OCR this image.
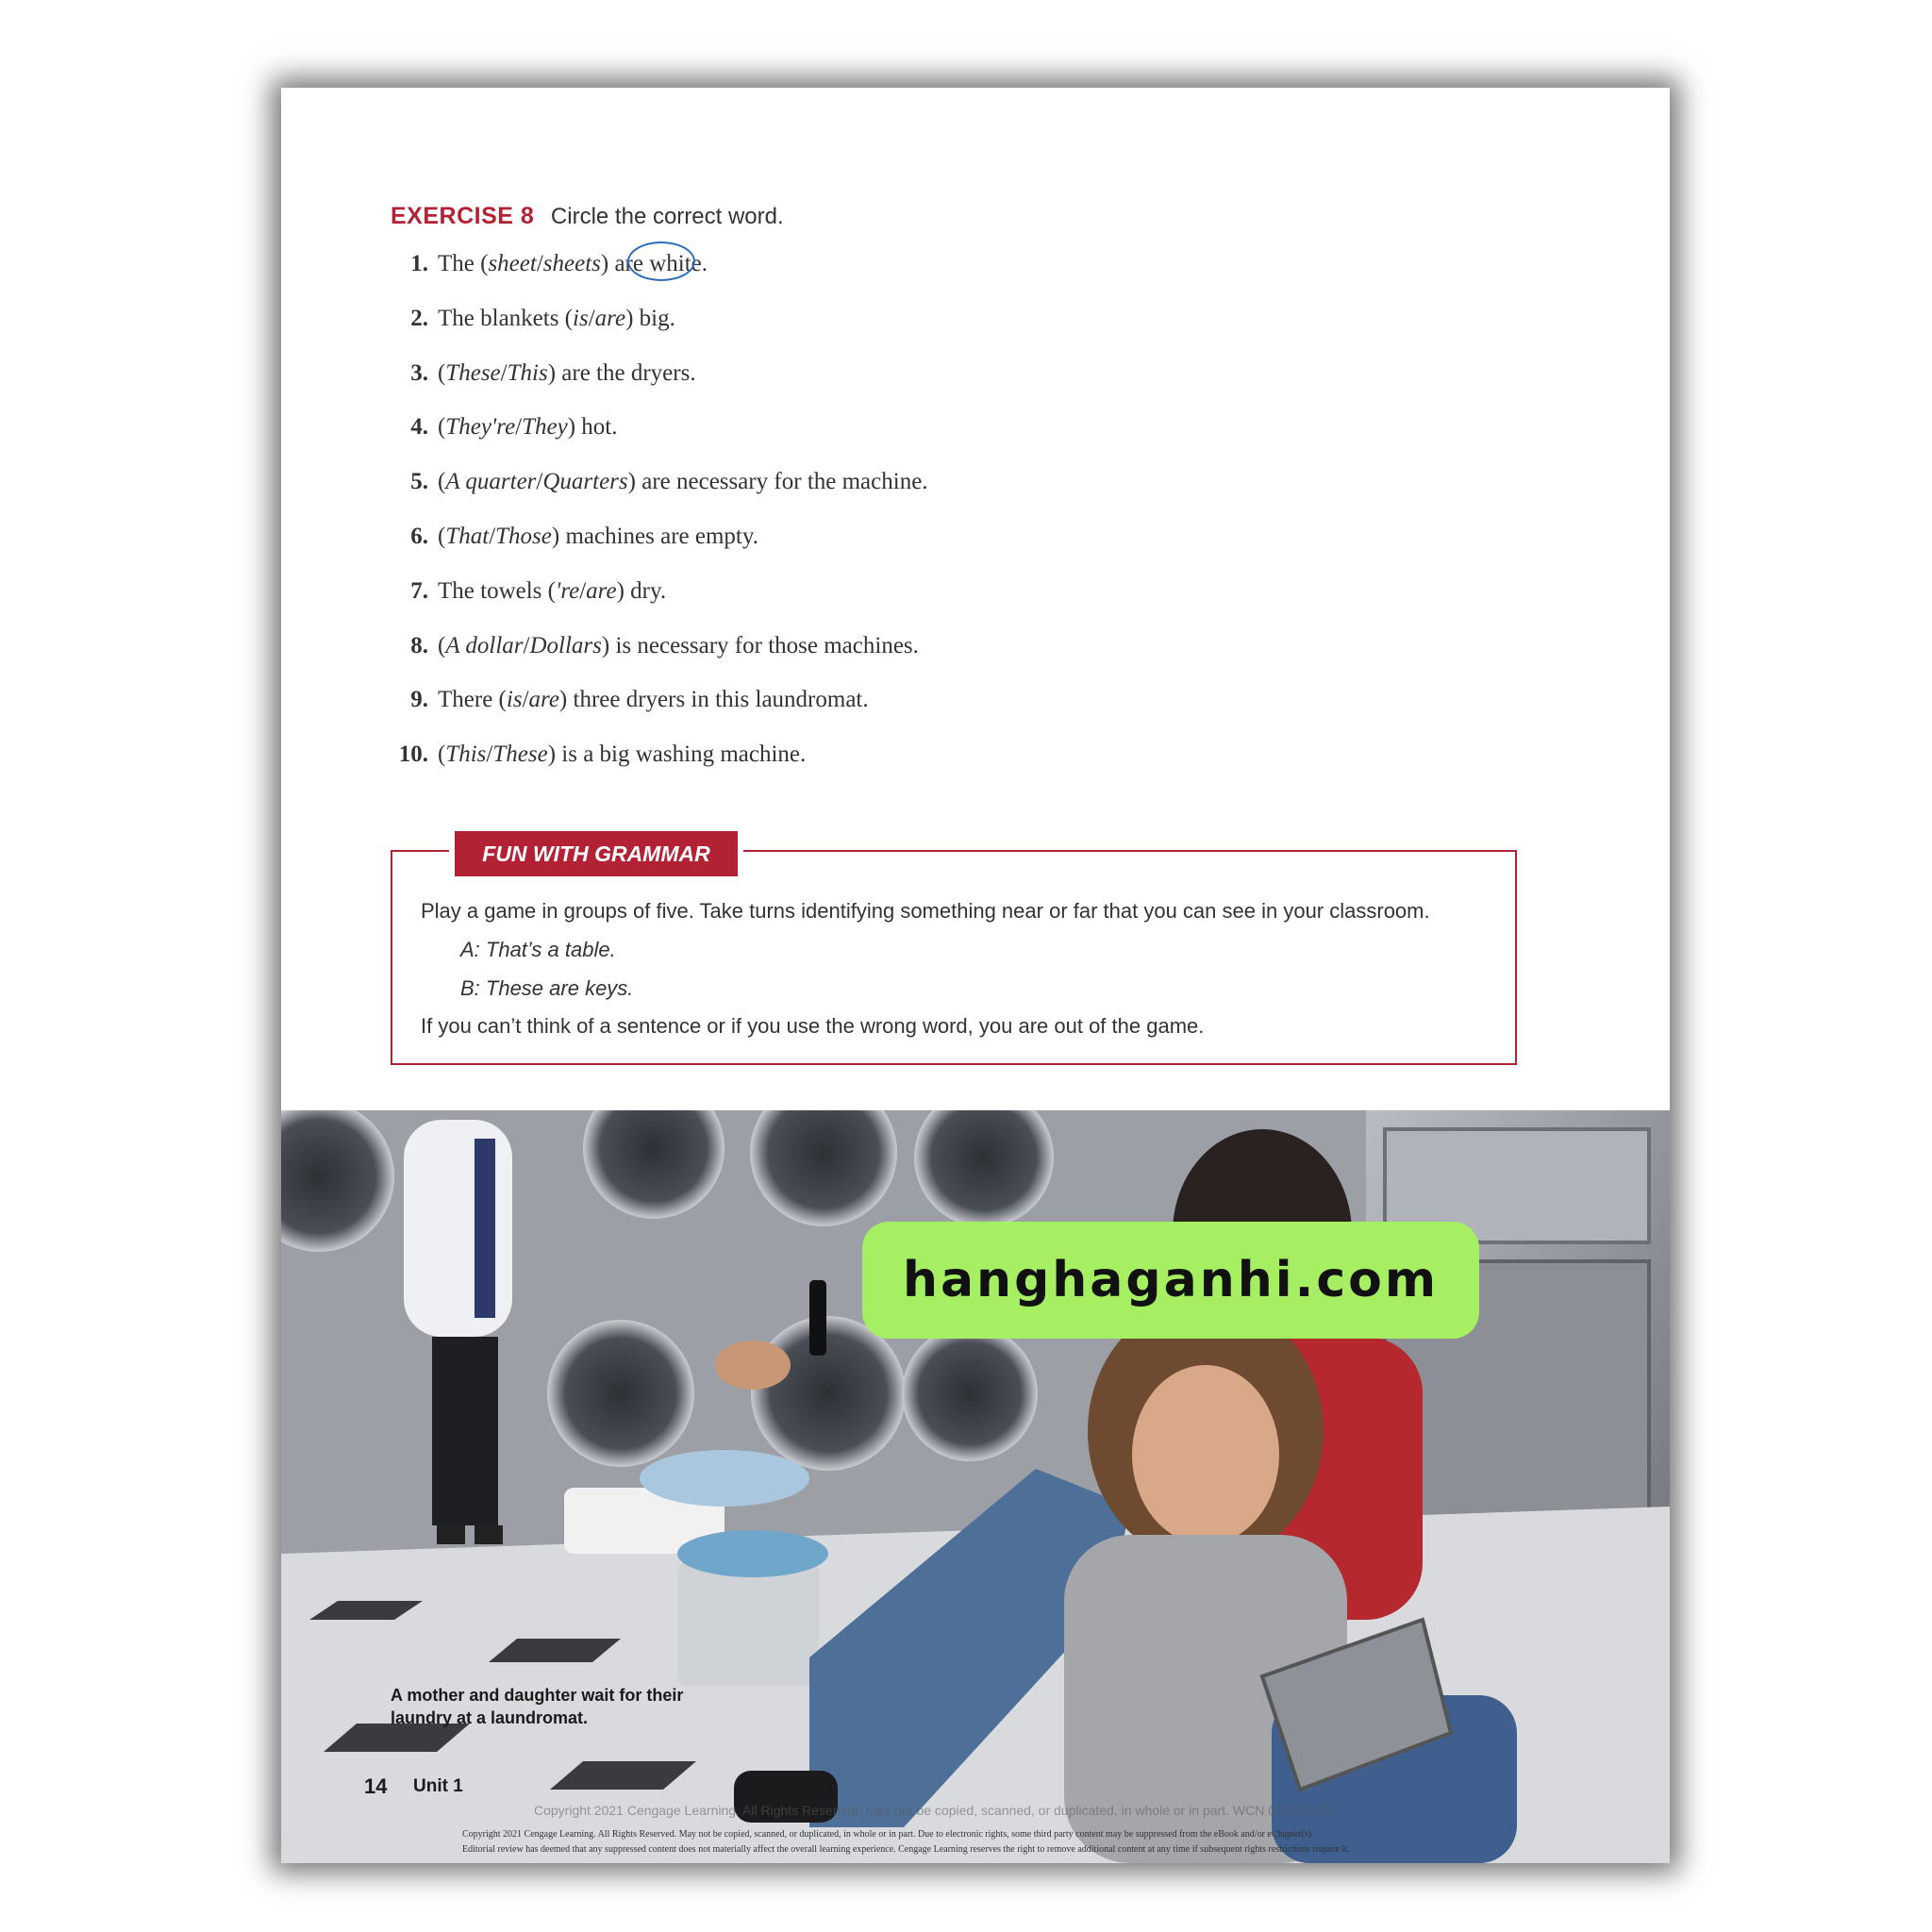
EXERCISE 8 Circle the correct word.
1. The (sheet/sheets) are white.
2. The blankets (is/are) big.
3. (These/This) are the dryers.
4. (They're/They) hot.
5. (A quarter/Quarters) are necessary for the machine.
6. (That/Those) machines are empty.
7. The towels ('re/are) dry.
8. (A dollar/Dollars) is necessary for those machines.
9. There (is/are) three dryers in this laundromat.
10. (This/These) is a big washing machine.
FUN WITH GRAMMAR
Play a game in groups of five. Take turns identifying something near or far that you can see in your classroom.
A: That’s a table.
B: These are keys.
If you can’t think of a sentence or if you use the wrong word, you are out of the game.
A mother and daughter wait for their laundry at a laundromat.
hanghaganhi.com
14 Unit 1
Copyright 2021 Cengage Learning. All Rights Reserved. May not be copied, scanned, or duplicated, in whole or in part. WCN 02-200-203
Copyright 2021 Cengage Learning. All Rights Reserved. May not be copied, scanned, or duplicated, in whole or in part. Due to electronic rights, some third party content may be suppressed from the eBook and/or eChapter(s).
Editorial review has deemed that any suppressed content does not materially affect the overall learning experience. Cengage Learning reserves the right to remove additional content at any time if subsequent rights restrictions require it.
